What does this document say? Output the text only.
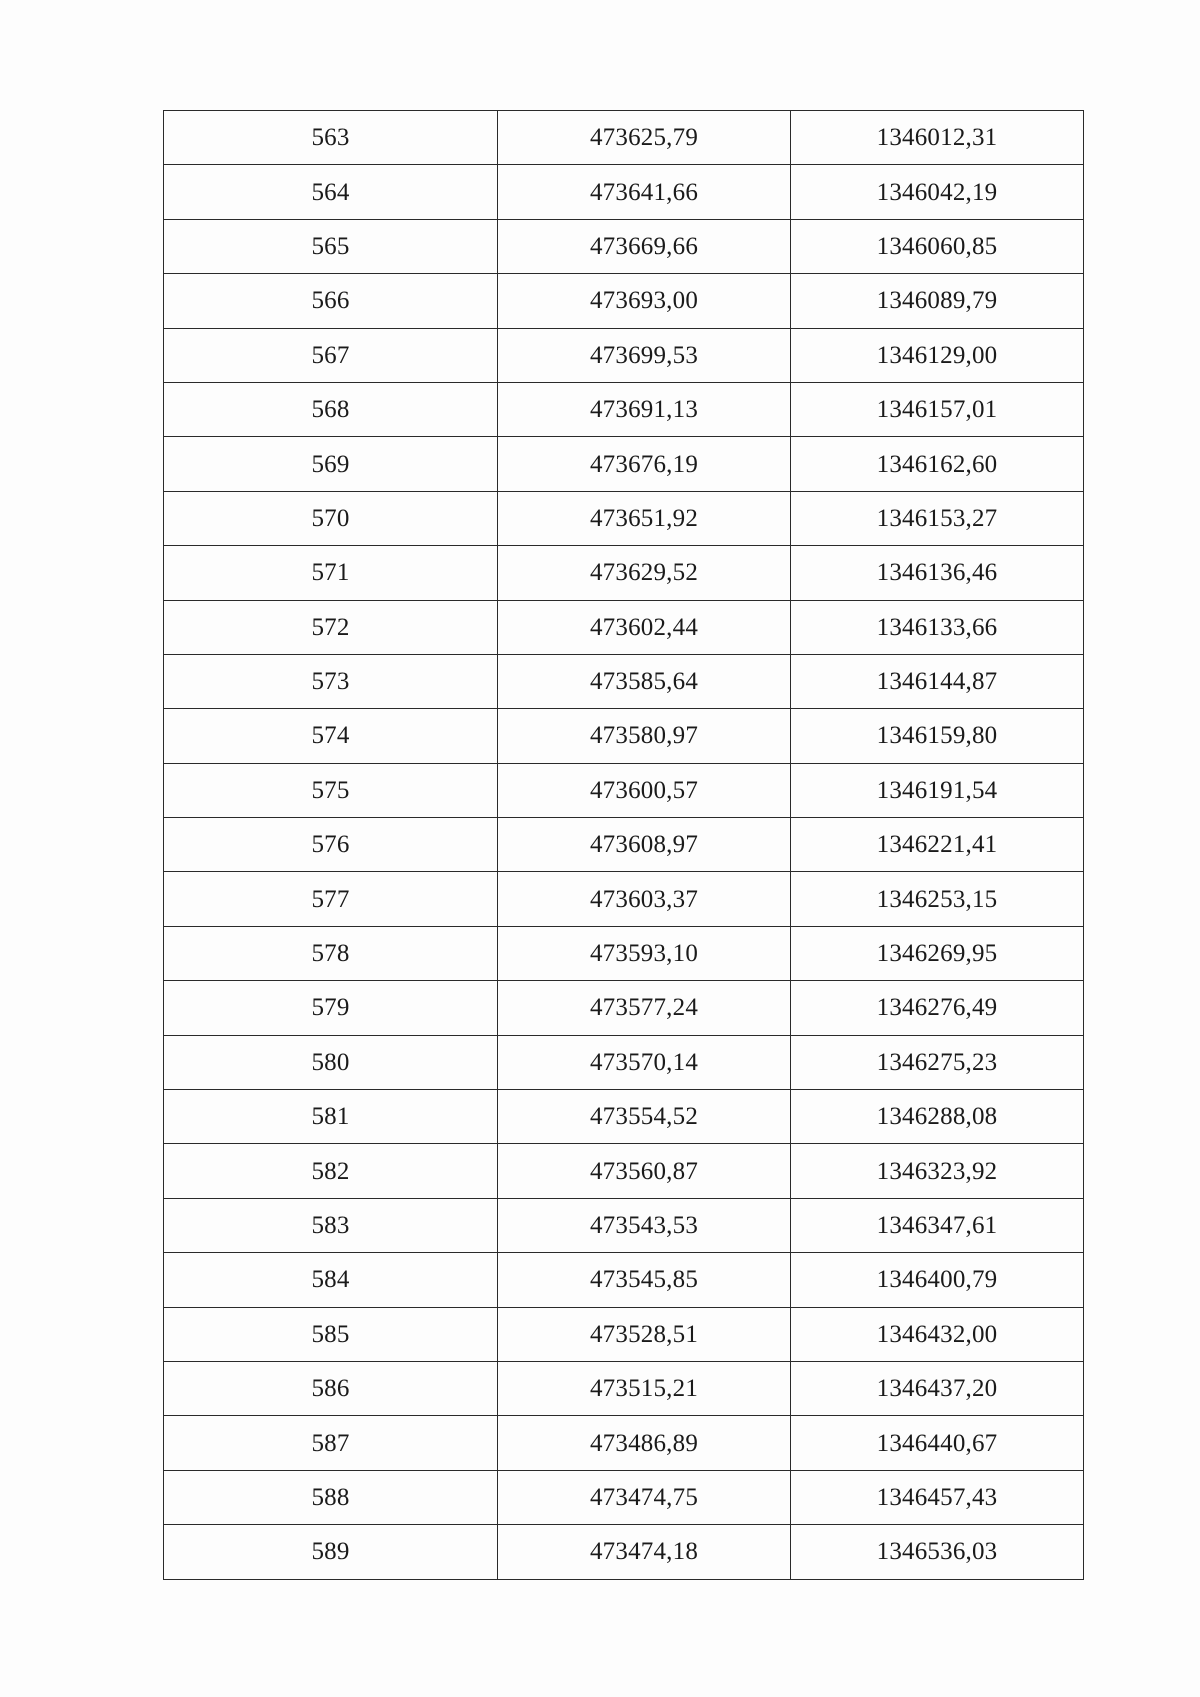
563	473625,79	1346012,31
564	473641,66	1346042,19
565	473669,66	1346060,85
566	473693,00	1346089,79
567	473699,53	1346129,00
568	473691,13	1346157,01
569	473676,19	1346162,60
570	473651,92	1346153,27
571	473629,52	1346136,46
572	473602,44	1346133,66
573	473585,64	1346144,87
574	473580,97	1346159,80
575	473600,57	1346191,54
576	473608,97	1346221,41
577	473603,37	1346253,15
578	473593,10	1346269,95
579	473577,24	1346276,49
580	473570,14	1346275,23
581	473554,52	1346288,08
582	473560,87	1346323,92
583	473543,53	1346347,61
584	473545,85	1346400,79
585	473528,51	1346432,00
586	473515,21	1346437,20
587	473486,89	1346440,67
588	473474,75	1346457,43
589	473474,18	1346536,03
